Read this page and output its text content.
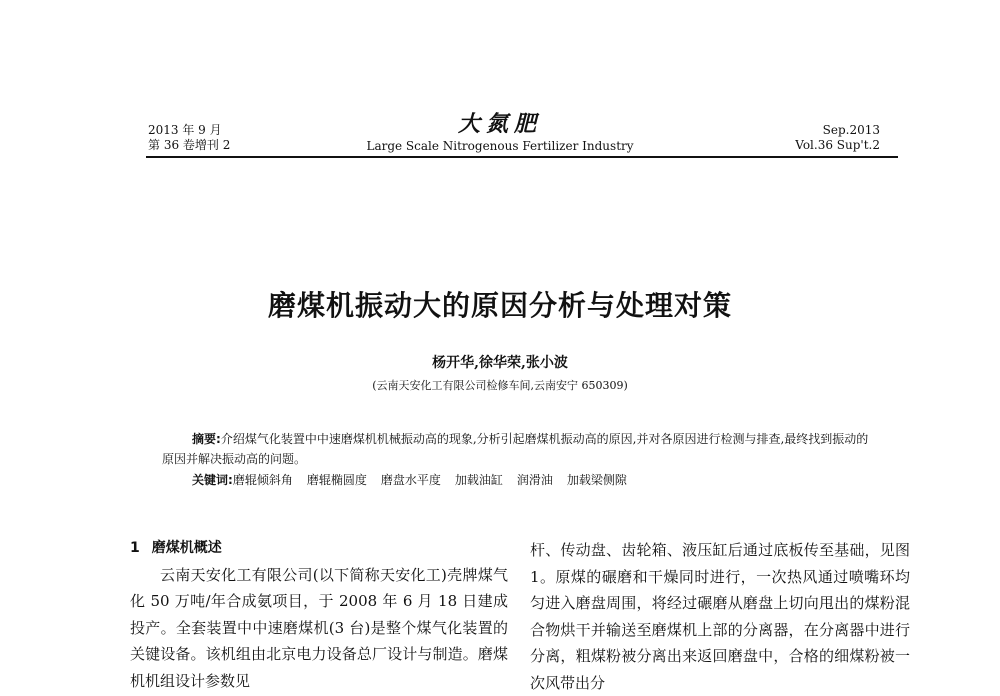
2013 年 9 月
第 36 卷增刊 2
大氮肥
Large Scale Nitrogenous Fertilizer Industry
Sep.2013
Vol.36 Sup't.2
磨煤机振动大的原因分析与处理对策
杨开华,徐华荣,张小波
(云南天安化工有限公司检修车间,云南安宁 650309)
摘要:介绍煤气化装置中中速磨煤机机械振动高的现象,分析引起磨煤机振动高的原因,并对各原因进行检测与排查,最终找到振动的原因并解决振动高的问题。
关键词:磨辊倾斜角 磨辊椭圆度 磨盘水平度 加载油缸 润滑油 加载梁侧隙
1 磨煤机概述
云南天安化工有限公司(以下简称天安化工)壳牌煤气化 50 万吨/年合成氨项目，于 2008 年 6 月 18 日建成投产。全套装置中中速磨煤机(3 台)是整个煤气化装置的关键设备。该机组由北京电力设备总厂设计与制造。磨煤机机组设计参数见
杆、传动盘、齿轮箱、液压缸后通过底板传至基础，见图 1。原煤的碾磨和干燥同时进行，一次热风通过喷嘴环均匀进入磨盘周围，将经过碾磨从磨盘上切向甩出的煤粉混合物烘干并输送至磨煤机上部的分离器，在分离器中进行分离，粗煤粉被分离出来返回磨盘中，合格的细煤粉被一次风带出分
